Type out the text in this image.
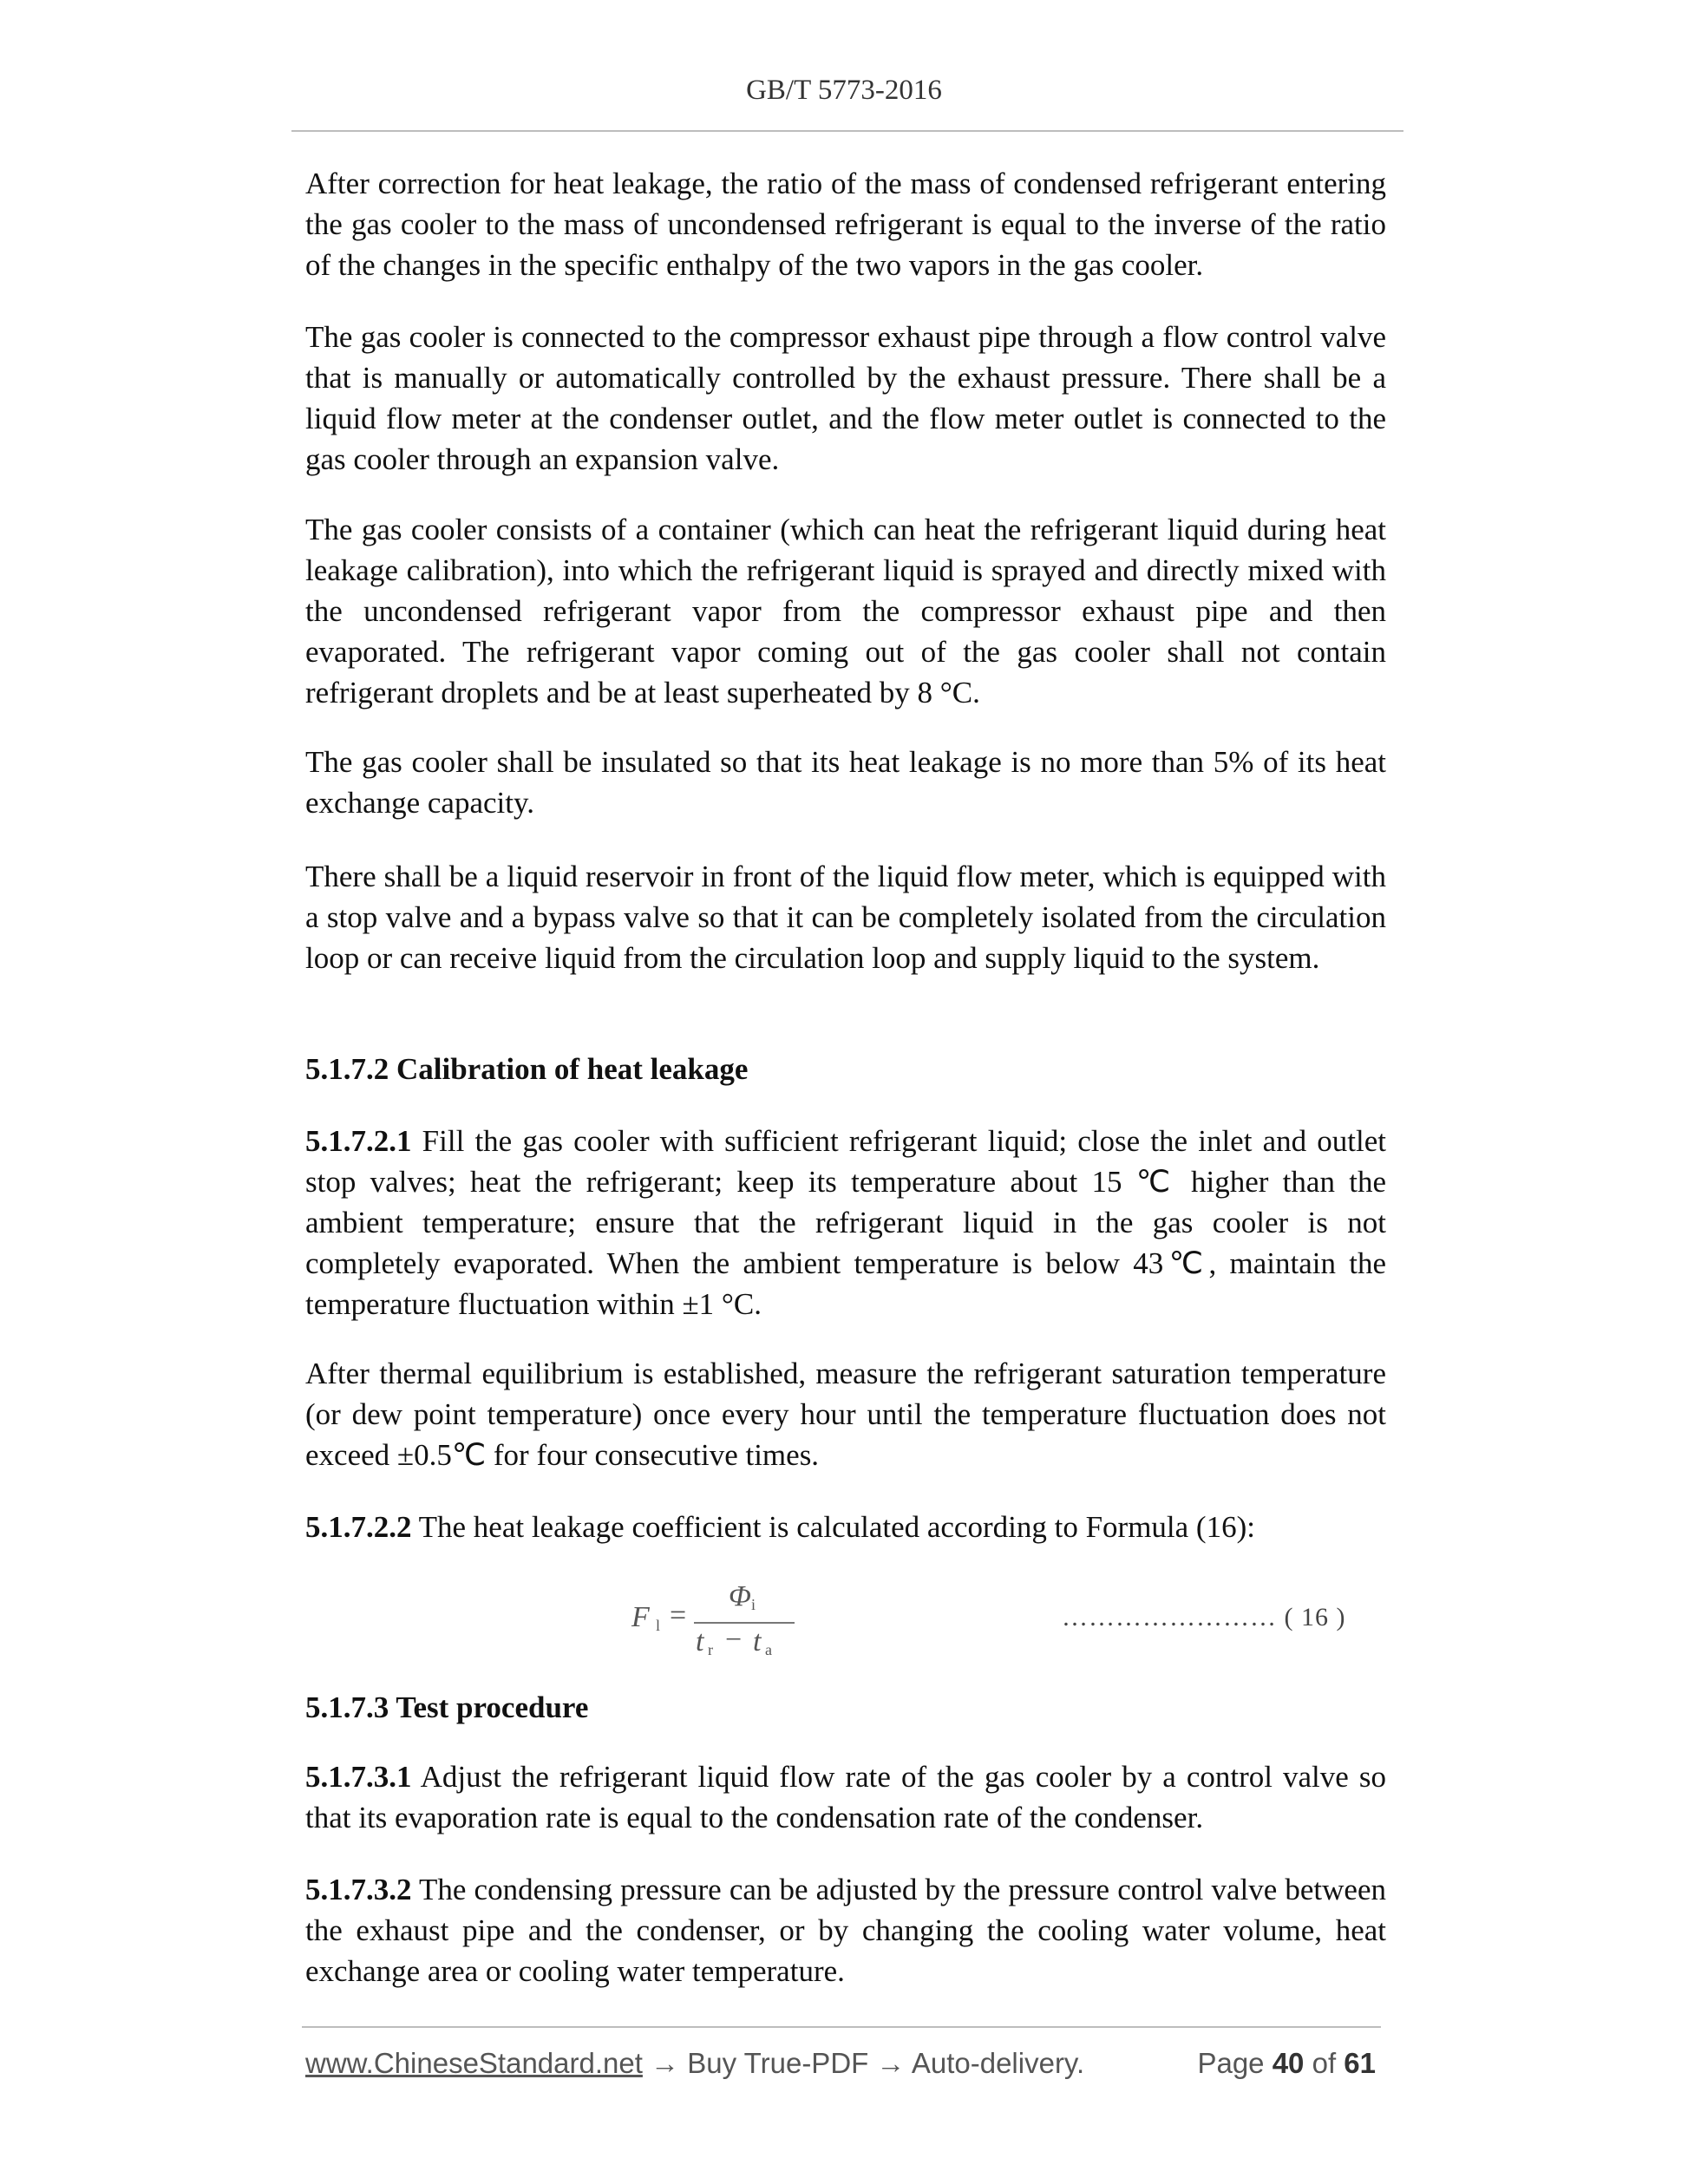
GB/T 5773-2016

After correction for heat leakage, the ratio of the mass of condensed refrigerant entering the gas cooler to the mass of uncondensed refrigerant is equal to the inverse of the ratio of the changes in the specific enthalpy of the two vapors in the gas cooler.

The gas cooler is connected to the compressor exhaust pipe through a flow control valve that is manually or automatically controlled by the exhaust pressure. There shall be a liquid flow meter at the condenser outlet, and the flow meter outlet is connected to the gas cooler through an expansion valve.

The gas cooler consists of a container (which can heat the refrigerant liquid during heat leakage calibration), into which the refrigerant liquid is sprayed and directly mixed with the uncondensed refrigerant vapor from the compressor exhaust pipe and then evaporated. The refrigerant vapor coming out of the gas cooler shall not contain refrigerant droplets and be at least superheated by 8 °C.

The gas cooler shall be insulated so that its heat leakage is no more than 5% of its heat exchange capacity.

There shall be a liquid reservoir in front of the liquid flow meter, which is equipped with a stop valve and a bypass valve so that it can be completely isolated from the circulation loop or can receive liquid from the circulation loop and supply liquid to the system.

5.1.7.2 Calibration of heat leakage

5.1.7.2.1 Fill the gas cooler with sufficient refrigerant liquid; close the inlet and outlet stop valves; heat the refrigerant; keep its temperature about 15 ℃ higher than the ambient temperature; ensure that the refrigerant liquid in the gas cooler is not completely evaporated. When the ambient temperature is below 43℃, maintain the temperature fluctuation within ±1 °C.

After thermal equilibrium is established, measure the refrigerant saturation temperature (or dew point temperature) once every hour until the temperature fluctuation does not exceed ±0.5℃ for four consecutive times.

5.1.7.2.2 The heat leakage coefficient is calculated according to Formula (16):

F l =
Φ i
t r − t a
…………………… ( 16 )
5.1.7.3 Test procedure

5.1.7.3.1 Adjust the refrigerant liquid flow rate of the gas cooler by a control valve so that its evaporation rate is equal to the condensation rate of the condenser.

5.1.7.3.2 The condensing pressure can be adjusted by the pressure control valve between the exhaust pipe and the condenser, or by changing the cooling water volume, heat exchange area or cooling water temperature.

www.ChineseStandard.net → Buy True-PDF → Auto-delivery.	Page 40 of 61
